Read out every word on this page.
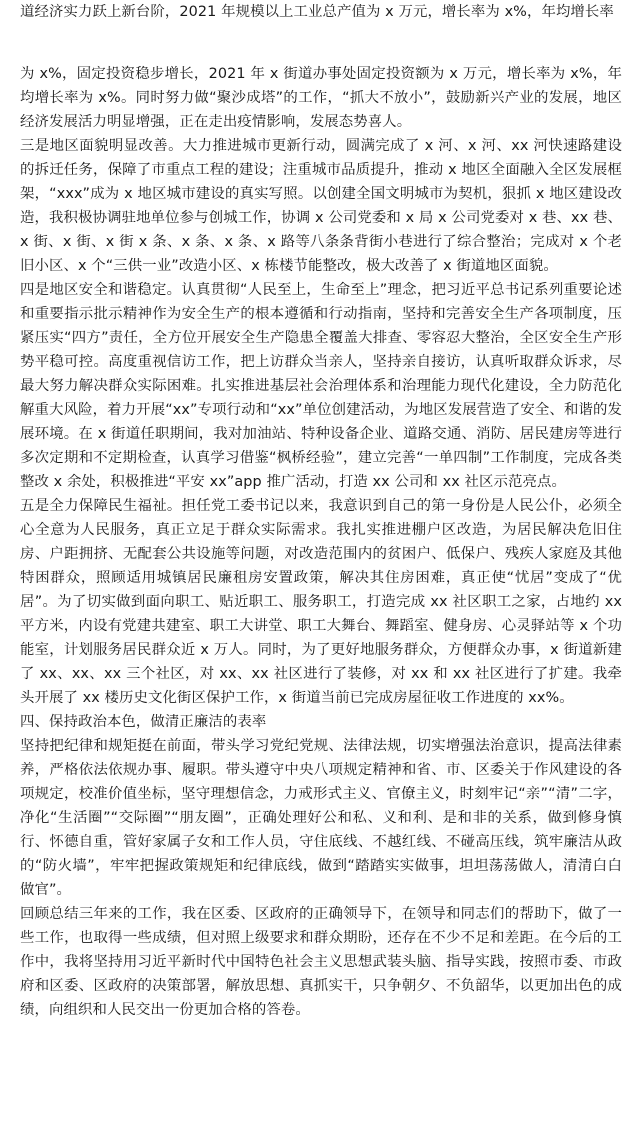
道经济实力跃上新台阶，2021 年规模以上工业总产值为 x 万元，增长率为 x%，年均增长率

为 x%，固定投资稳步增长，2021 年 x 街道办事处固定投资额为 x 万元，增长率为 x%，年均增长率为 x%。同时努力做“聚沙成塔”的工作，“抓大不放小”，鼓励新兴产业的发展，地区经济发展活力明显增强，正在走出疫情影响，发展态势喜人。

三是地区面貌明显改善。大力推进城市更新行动，圆满完成了 x 河、x 河、xx 河快速路建设的拆迁任务，保障了市重点工程的建设；注重城市品质提升，推动 x 地区全面融入全区发展框架，“xxx”成为 x 地区城市建设的真实写照。以创建全国文明城市为契机，狠抓 x 地区建设改造，我积极协调驻地单位参与创城工作，协调 x 公司党委和 x 局 x 公司党委对 x 巷、xx 巷、x 街、x 街、x 街 x 条、x 条、x 条、x 路等八条条背街小巷进行了综合整治；完成对 x 个老旧小区、x 个“三供一业”改造小区、x 栋楼节能整改，极大改善了 x 街道地区面貌。

四是地区安全和谐稳定。认真贯彻“人民至上，生命至上”理念，把习近平总书记系列重要论述和重要指示批示精神作为安全生产的根本遵循和行动指南，坚持和完善安全生产各项制度，压紧压实“四方”责任，全方位开展安全生产隐患全覆盖大排查、零容忍大整治，全区安全生产形势平稳可控。高度重视信访工作，把上访群众当亲人，坚持亲自接访，认真听取群众诉求，尽最大努力解决群众实际困难。扎实推进基层社会治理体系和治理能力现代化建设，全力防范化解重大风险，着力开展“xx”专项行动和“xx”单位创建活动，为地区发展营造了安全、和谐的发展环境。在 x 街道任职期间，我对加油站、特种设备企业、道路交通、消防、居民建房等进行多次定期和不定期检查，认真学习借鉴“枫桥经验”，建立完善“一单四制”工作制度，完成各类整改 x 余处，积极推进“平安 xx”app 推广活动，打造 xx 公司和 xx 社区示范亮点。

五是全力保障民生福祉。担任党工委书记以来，我意识到自己的第一身份是人民公仆，必须全心全意为人民服务，真正立足于群众实际需求。我扎实推进棚户区改造，为居民解决危旧住房、户距拥挤、无配套公共设施等问题，对改造范围内的贫困户、低保户、残疾人家庭及其他特困群众，照顾适用城镇居民廉租房安置政策，解决其住房困难，真正使“忧居”变成了“优居”。为了切实做到面向职工、贴近职工、服务职工，打造完成 xx 社区职工之家，占地约 xx 平方米，内设有党建共建室、职工大讲堂、职工大舞台、舞蹈室、健身房、心灵驿站等 x 个功能室，计划服务居民群众近 x 万人。同时，为了更好地服务群众，方便群众办事，x 街道新建了 xx、xx、xx 三个社区，对 xx、xx 社区进行了装修，对 xx 和 xx 社区进行了扩建。我牵头开展了 xx 楼历史文化街区保护工作，x 街道当前已完成房屋征收工作进度的 xx%。

四、保持政治本色，做清正廉洁的表率

坚持把纪律和规矩挺在前面，带头学习党纪党规、法律法规，切实增强法治意识，提高法律素养，严格依法依规办事、履职。带头遵守中央八项规定精神和省、市、区委关于作风建设的各项规定，校准价值坐标，坚守理想信念，力戒形式主义、官僚主义，时刻牢记“亲”“清”二字，净化“生活圈”“交际圈”“朋友圈”，正确处理好公和私、义和利、是和非的关系，做到修身慎行、怀德自重，管好家属子女和工作人员，守住底线、不越红线、不碰高压线，筑牢廉洁从政的“防火墙”，牢牢把握政策规矩和纪律底线，做到“踏踏实实做事，坦坦荡荡做人，清清白白做官”。

回顾总结三年来的工作，我在区委、区政府的正确领导下，在领导和同志们的帮助下，做了一些工作，也取得一些成绩，但对照上级要求和群众期盼，还存在不少不足和差距。在今后的工作中，我将坚持用习近平新时代中国特色社会主义思想武装头脑、指导实践，按照市委、市政府和区委、区政府的决策部署，解放思想、真抓实干，只争朝夕、不负韶华，以更加出色的成绩，向组织和人民交出一份更加合格的答卷。
